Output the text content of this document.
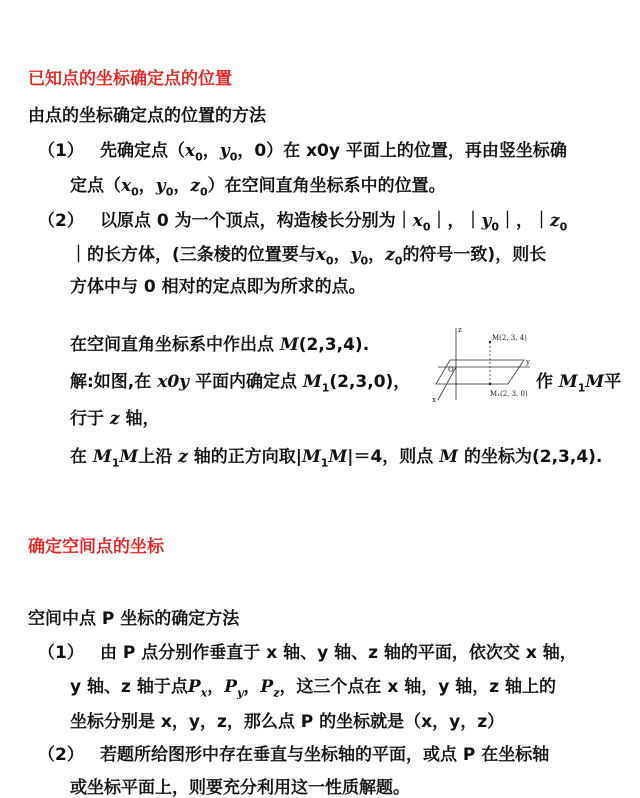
已知点的坐标确定点的位置
由点的坐标确定点的位置的方法
（1） 先确定点（$x_0$，$y_0$，0）在 x0y 平面上的位置，再由竖坐标确
定点（$x_0$，$y_0$，$z_0$）在空间直角坐标系中的位置。
（2） 以原点 0 为一个顶点，构造棱长分别为$|x_0|$，$|y_0|$，$|z_0$
｜的长方体，(三条棱的位置要与$x_0$，$y_0$，$z_0$的符号一致)，则长
方体中与 0 相对的定点即为所求的点。
在空间直角坐标系中作出点 M(2,3,4).
解:如图,在 x0y 平面内确定点 $M_1(2,3,0)$，	作 $M_1M$平
行于 z 轴，
在 $M_1M$上沿 z 轴的正方向取$|M_1M|=4$，则点 M 的坐标为(2,3,4).
z
y
x
O
M(2, 3, 4)
M₁(2, 3, 0)
确定空间点的坐标
空间中点 P 坐标的确定方法
（1） 由 P 点分别作垂直于 x 轴、y 轴、z 轴的平面，依次交 x 轴，
y 轴、z 轴于点$P_x$，$P_y$，$P_z$，这三个点在 x 轴，y 轴，z 轴上的
坐标分别是 x，y，z，那么点 P 的坐标就是（x，y，z）
（2） 若题所给图形中存在垂直与坐标轴的平面，或点 P 在坐标轴
或坐标平面上，则要充分利用这一性质解题。
